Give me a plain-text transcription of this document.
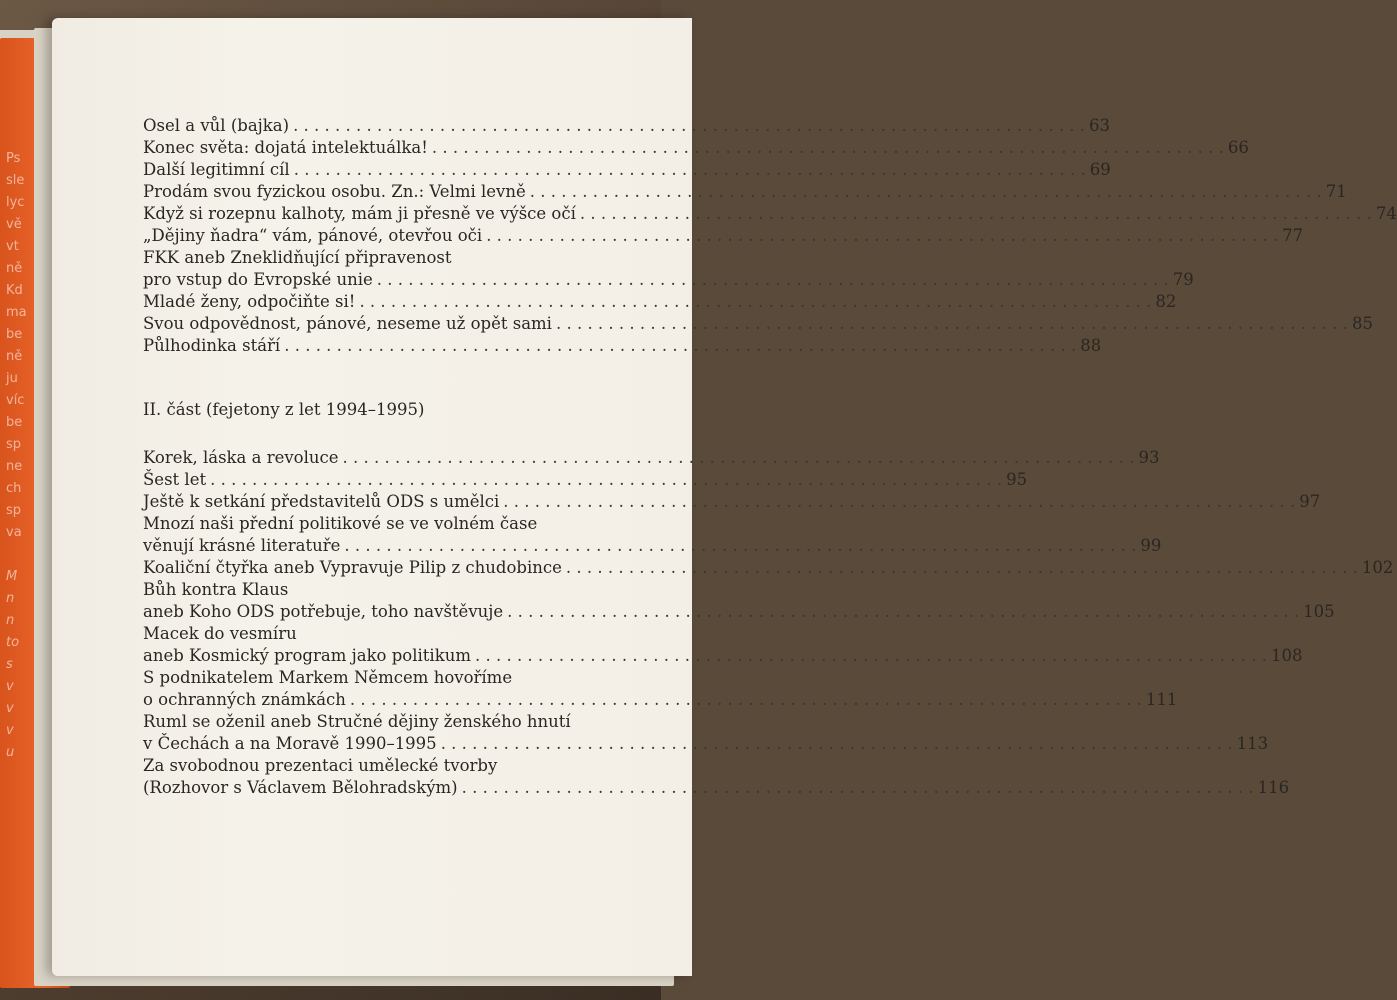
Ps
sle
lyc
vě
vt
ně
Kd
ma
be
ně
ju
víc
be
sp
ne
ch
sp
va
M
n
n
to
s
v
v
v
u
Osel a vůl (bajka) . . .	63
Konec světa: dojatá intelektuálka! . . .	66
Další legitimní cíl . . .	69
Prodám svou fyzickou osobu. Zn.: Velmi levně . . .	71
Když si rozepnu kalhoty, mám ji přesně ve výšce očí . . .	74
„Dějiny ňadra“ vám, pánové, otevřou oči . . .	77
FKK aneb Zneklidňující připravenost
pro vstup do Evropské unie . . .	79
Mladé ženy, odpočiňte si! . . .	82
Svou odpovědnost, pánové, neseme už opět sami . . .	85
Půlhodinka stáří . . .	88
II. část (fejetony z let 1994–1995)
Korek, láska a revoluce . . .	93
Šest let . . .	95
Ještě k setkání představitelů ODS s umělci . . .	97
Mnozí naši přední politikové se ve volném čase
věnují krásné literatuře . . .	99
Koaliční čtyřka aneb Vypravuje Pilip z chudobince . . .	102
Bůh kontra Klaus
aneb Koho ODS potřebuje, toho navštěvuje . . .	105
Macek do vesmíru
aneb Kosmický program jako politikum . . .	108
S podnikatelem Markem Němcem hovoříme
o ochranných známkách . . .	111
Ruml se oženil aneb Stručné dějiny ženského hnutí
v Čechách a na Moravě 1990–1995 . . .	113
Za svobodnou prezentaci umělecké tvorby
(Rozhovor s Václavem Bělohradským) . . .	116
